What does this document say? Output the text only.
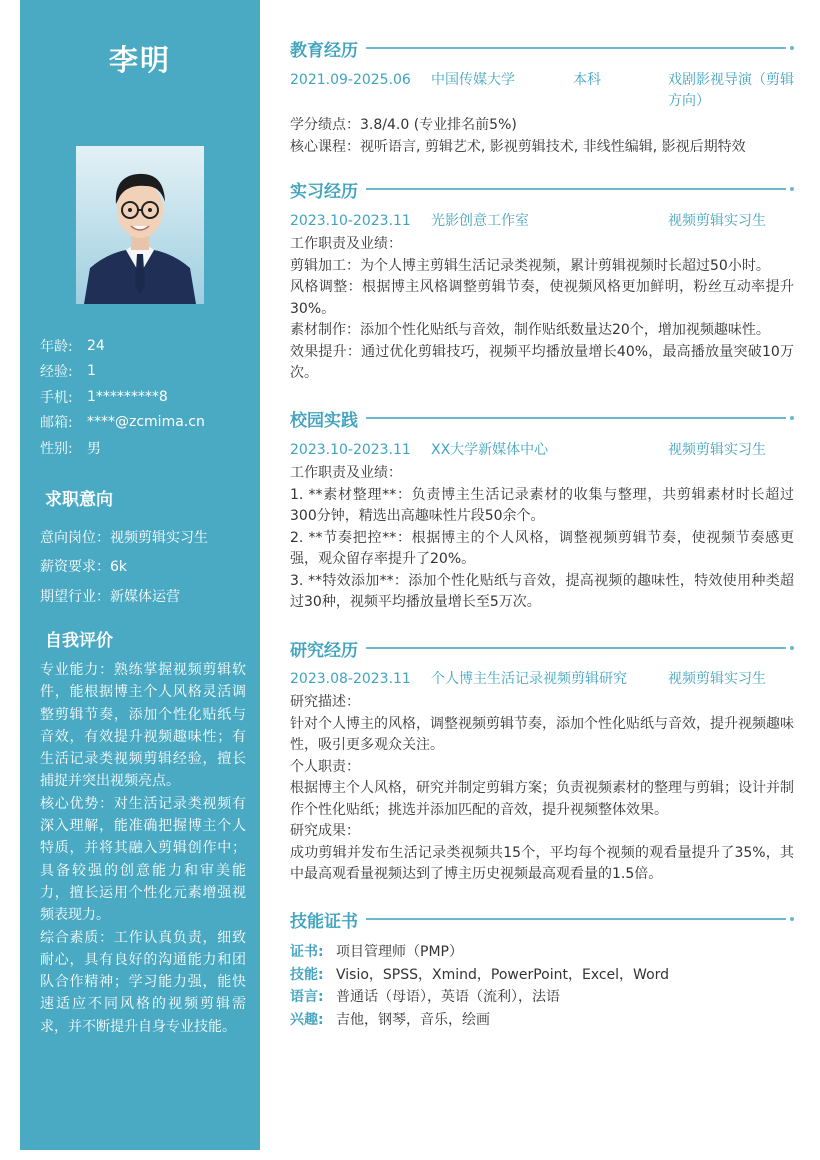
李明
年龄:	24
经验:	1
手机:	1*********8
邮箱:	****@zcmima.cn
性别:	男
求职意向
意向岗位：视频剪辑实习生
薪资要求：6k
期望行业：新媒体运营
自我评价

专业能力：熟练掌握视频剪辑软件，能根据博主个人风格灵活调整剪辑节奏，添加个性化贴纸与音效，有效提升视频趣味性；有生活记录类视频剪辑经验，擅长捕捉并突出视频亮点。

核心优势：对生活记录类视频有深入理解，能准确把握博主个人特质，并将其融入剪辑创作中；具备较强的创意能力和审美能力，擅长运用个性化元素增强视频表现力。

综合素质：工作认真负责，细致耐心，具有良好的沟通能力和团队合作精神；学习能力强，能快速适应不同风格的视频剪辑需求，并不断提升自身专业技能。

教育经历
2021.09-2025.06 中国传媒大学	本科	戏剧影视导演（剪辑方向）

学分绩点：3.8/4.0 (专业排名前5%)

核心课程：视听语言, 剪辑艺术, 影视剪辑技术, 非线性编辑, 影视后期特效

实习经历
2023.10-2023.11 光影创意工作室	视频剪辑实习生

工作职责及业绩：

剪辑加工：为个人博主剪辑生活记录类视频，累计剪辑视频时长超过50小时。

风格调整：根据博主风格调整剪辑节奏，使视频风格更加鲜明，粉丝互动率提升30%。

素材制作：添加个性化贴纸与音效，制作贴纸数量达20个，增加视频趣味性。

效果提升：通过优化剪辑技巧，视频平均播放量增长40%，最高播放量突破10万次。

校园实践
2023.10-2023.11 XX大学新媒体中心	视频剪辑实习生

工作职责及业绩：

1. **素材整理**：负责博主生活记录素材的收集与整理，共剪辑素材时长超过300分钟，精选出高趣味性片段50余个。

2. **节奏把控**：根据博主的个人风格，调整视频剪辑节奏，使视频节奏感更强，观众留存率提升了20%。

3. **特效添加**：添加个性化贴纸与音效，提高视频的趣味性，特效使用种类超过30种，视频平均播放量增长至5万次。

研究经历
2023.08-2023.11 个人博主生活记录视频剪辑研究	视频剪辑实习生

研究描述：

针对个人博主的风格，调整视频剪辑节奏，添加个性化贴纸与音效，提升视频趣味性，吸引更多观众关注。

个人职责：

根据博主个人风格，研究并制定剪辑方案；负责视频素材的整理与剪辑；设计并制作个性化贴纸；挑选并添加匹配的音效，提升视频整体效果。

研究成果：

成功剪辑并发布生活记录类视频共15个，平均每个视频的观看量提升了35%，其中最高观看量视频达到了博主历史视频最高观看量的1.5倍。

技能证书
证书: 项目管理师（PMP）
技能: Visio，SPSS，Xmind，PowerPoint，Excel，Word
语言: 普通话（母语），英语（流利），法语
兴趣: 吉他，钢琴，音乐，绘画
